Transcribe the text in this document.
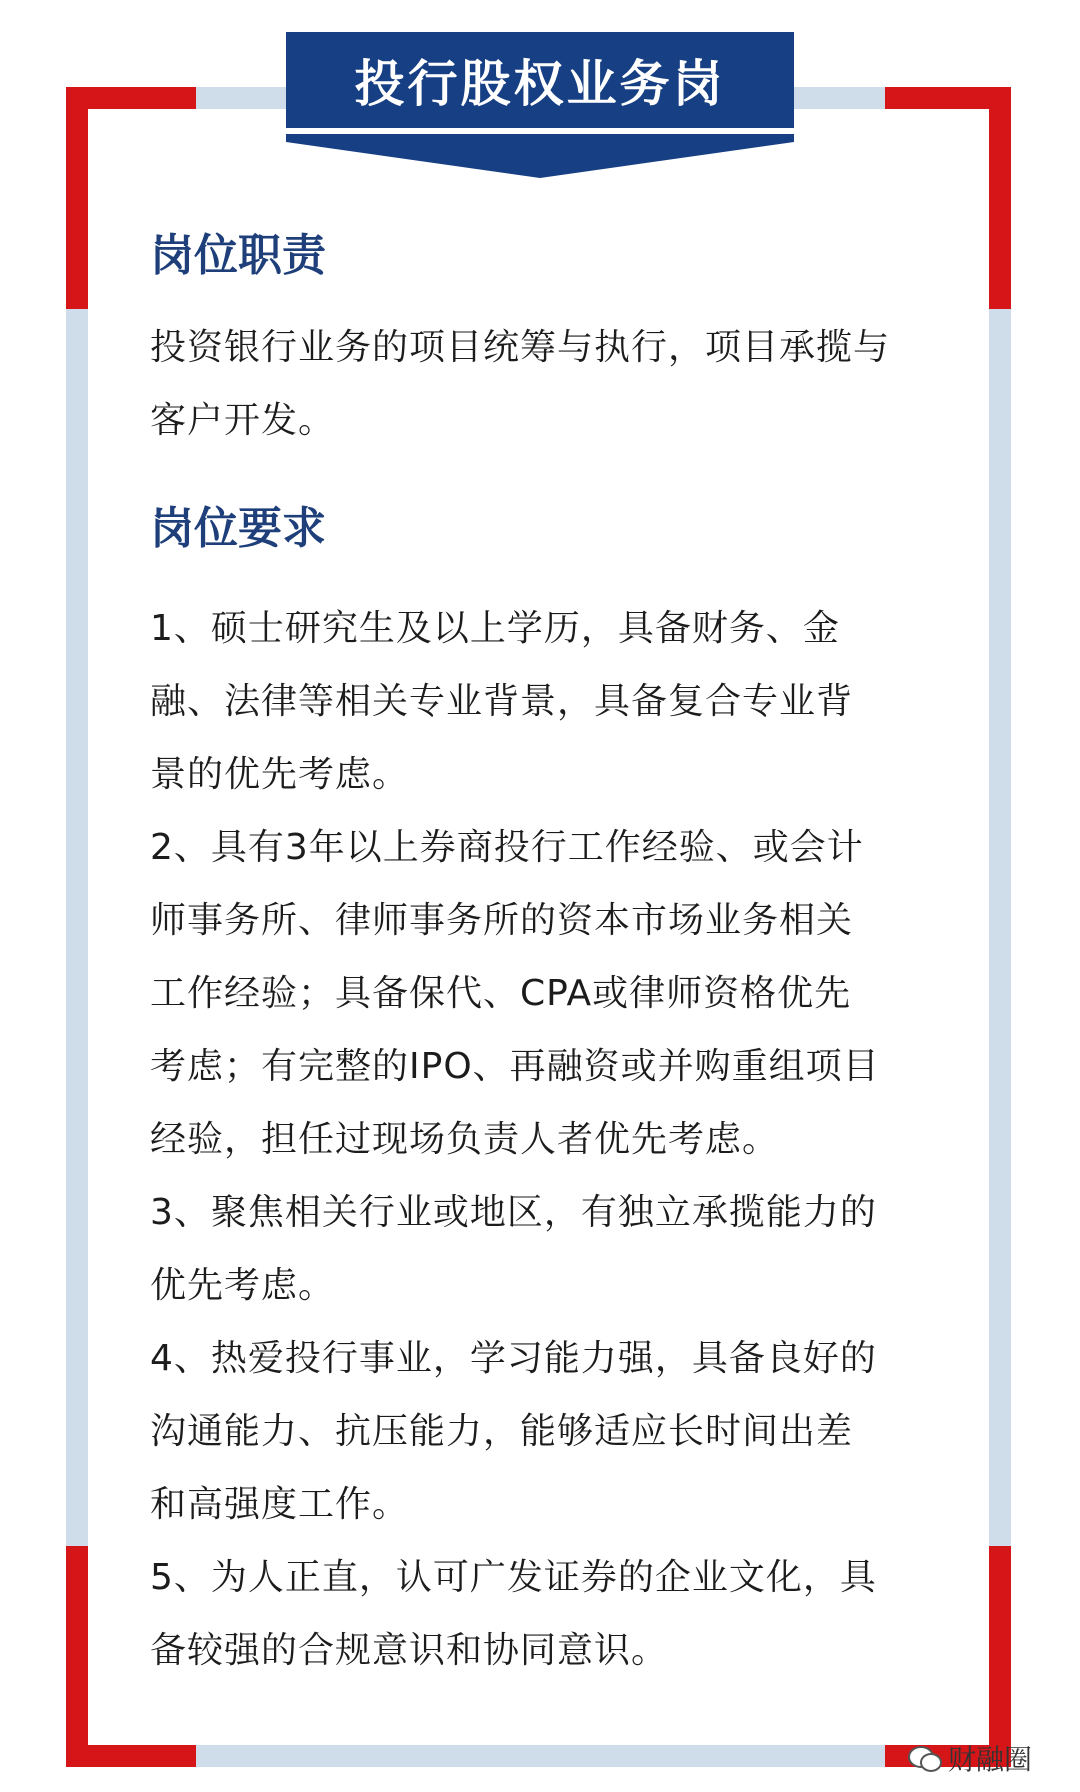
投行股权业务岗
岗位职责

投资银行业务的项目统筹与执行，项目承揽与

客户开发。

岗位要求

1、硕士研究生及以上学历，具备财务、金

融、法律等相关专业背景，具备复合专业背

景的优先考虑。

2、具有3年以上券商投行工作经验、或会计

师事务所、律师事务所的资本市场业务相关

工作经验；具备保代、CPA或律师资格优先

考虑；有完整的IPO、再融资或并购重组项目

经验，担任过现场负责人者优先考虑。

3、聚焦相关行业或地区，有独立承揽能力的

优先考虑。

4、热爱投行事业，学习能力强，具备良好的

沟通能力、抗压能力，能够适应长时间出差

和高强度工作。

5、为人正直，认可广发证券的企业文化，具

备较强的合规意识和协同意识。

财融圈
